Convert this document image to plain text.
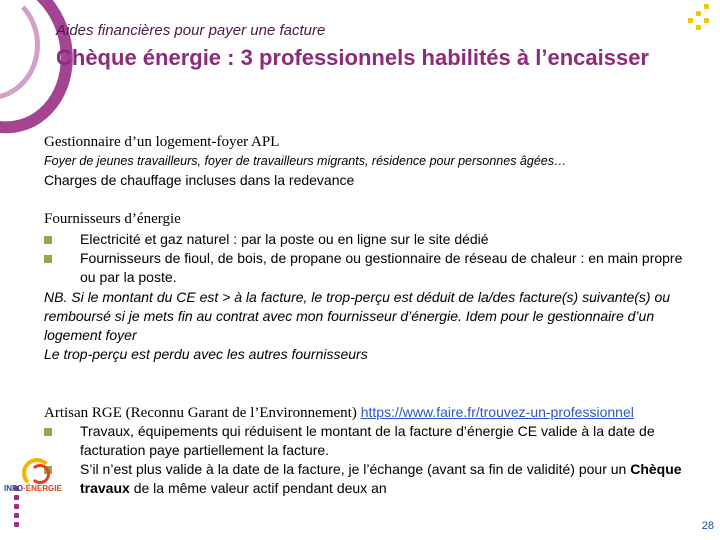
Aides financières pour payer une facture
Chèque énergie : 3 professionnels habilités à l’encaisser
Gestionnaire d’un logement-foyer APL
Foyer de jeunes travailleurs, foyer de travailleurs migrants, résidence pour personnes âgées…
Charges de chauffage incluses dans la redevance
Fournisseurs d’énergie
Electricité et gaz naturel : par la poste ou en ligne sur le site dédié
Fournisseurs de fioul, de bois, de propane ou gestionnaire de réseau de chaleur : en main propre ou par la poste.
NB. Si le montant du CE est > à la facture, le trop-perçu est déduit de la/des facture(s) suivante(s) ou remboursé si je mets fin au contrat avec mon fournisseur d’énergie. Idem pour le gestionnaire d’un logement foyer
Le trop-perçu est perdu avec les autres fournisseurs
Artisan RGE (Reconnu Garant de l’Environnement) https://www.faire.fr/trouvez-un-professionnel
Travaux, équipements qui réduisent le montant de la facture d’énergie CE valide à la date de facturation paye partiellement la facture.
S’il n’est plus valide à la date de la facture, je l’échange (avant sa fin de validité) pour un Chèque travaux de la même valeur actif pendant deux an
INFO·ÉNERGIE
28
